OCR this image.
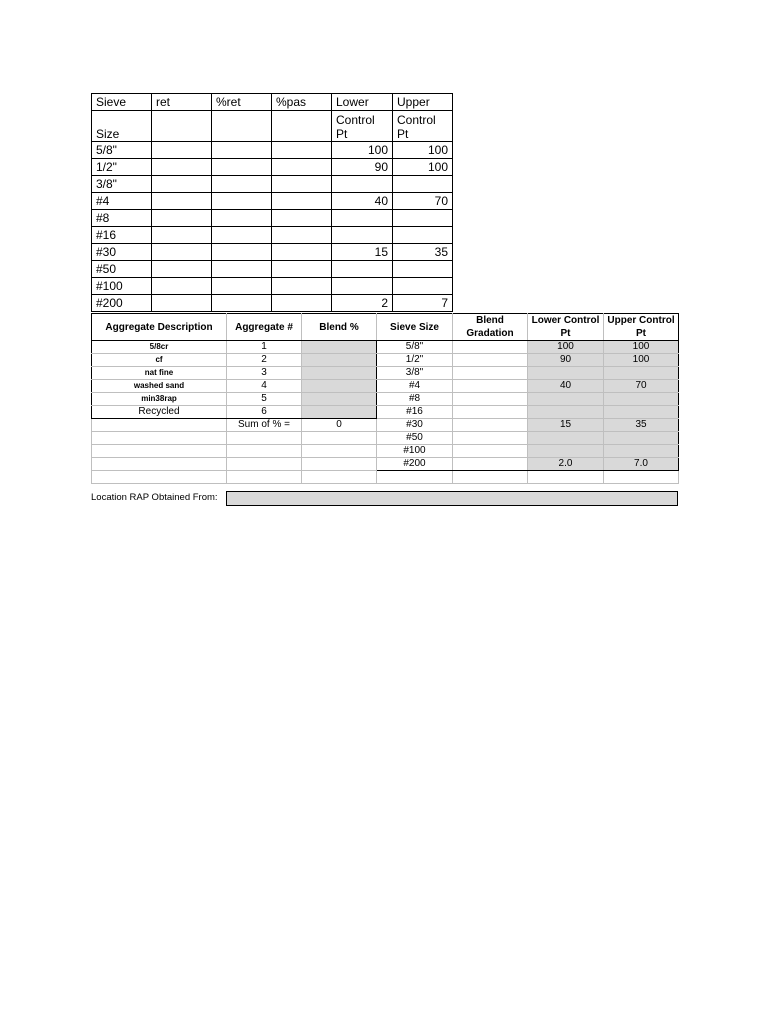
Sieve	ret	%ret	%pas	Lower	Upper
Size				Control Pt	Control Pt
5/8"				100	100
1/2"				90	100
3/8"					
#4				40	70
#8					
#16					
#30				15	35
#50					
#100					
#200				2	7
Aggregate Description	Aggregate #	Blend %	Sieve Size	Blend Gradation	Lower Control Pt	Upper Control Pt
5/8cr	1		5/8"		100	100
cf	2		1/2"		90	100
nat fine	3		3/8"			
washed sand	4		#4		40	70
min38rap	5		#8			
Recycled	6		#16			
	Sum of % =	0	#30		15	35
			#50			
			#100			
			#200		2.0	7.0

Location RAP Obtained From:
